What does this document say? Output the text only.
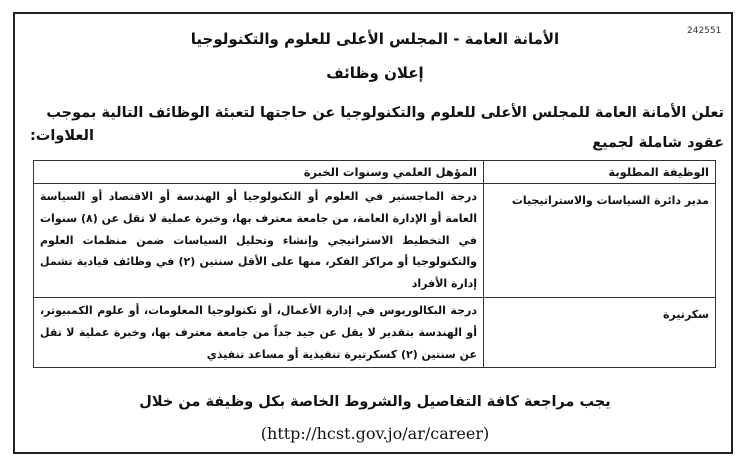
242551
الأمانة العامة - المجلس الأعلى للعلوم والتكنولوجيا
إعلان وظائف
تعلن الأمانة العامة للمجلس الأعلى للعلوم والتكنولوجيا عن حاجتها لتعبئة الوظائف التالية بموجب عقود شاملة لجميع
العلاوات:
الوظيفة المطلوبة	المؤهل العلمي وسنوات الخبرة
مدير دائرة السياسات والاستراتيجيات	درجة الماجستير في العلوم أو التكنولوجيا أو الهندسة أو الاقتصاد أو السياسة العامة أو الإدارة العامة، من جامعة معترف بها، وخبرة عملية لا تقل عن (٨) سنوات في التخطيط الاستراتيجي وإنشاء وتحليل السياسات ضمن منظمات العلوم والتكنولوجيا أو مراكز الفكر، منها على الأقل سنتين (٢) في وظائف قيادية تشمل إدارة الأفراد
سكرتيرة	درجة البكالوريوس في إدارة الأعمال، أو تكنولوجيا المعلومات، أو علوم الكمبيوتر، أو الهندسة بتقدير لا يقل عن جيد جداً من جامعة معترف بها، وخبرة عملية لا تقل عن سنتين (٢) كسكرتيرة تنفيذية أو مساعد تنفيذي
يجب مراجعة كافة التفاصيل والشروط الخاصة بكل وظيفة من خلال
(http://hcst.gov.jo/ar/career)
